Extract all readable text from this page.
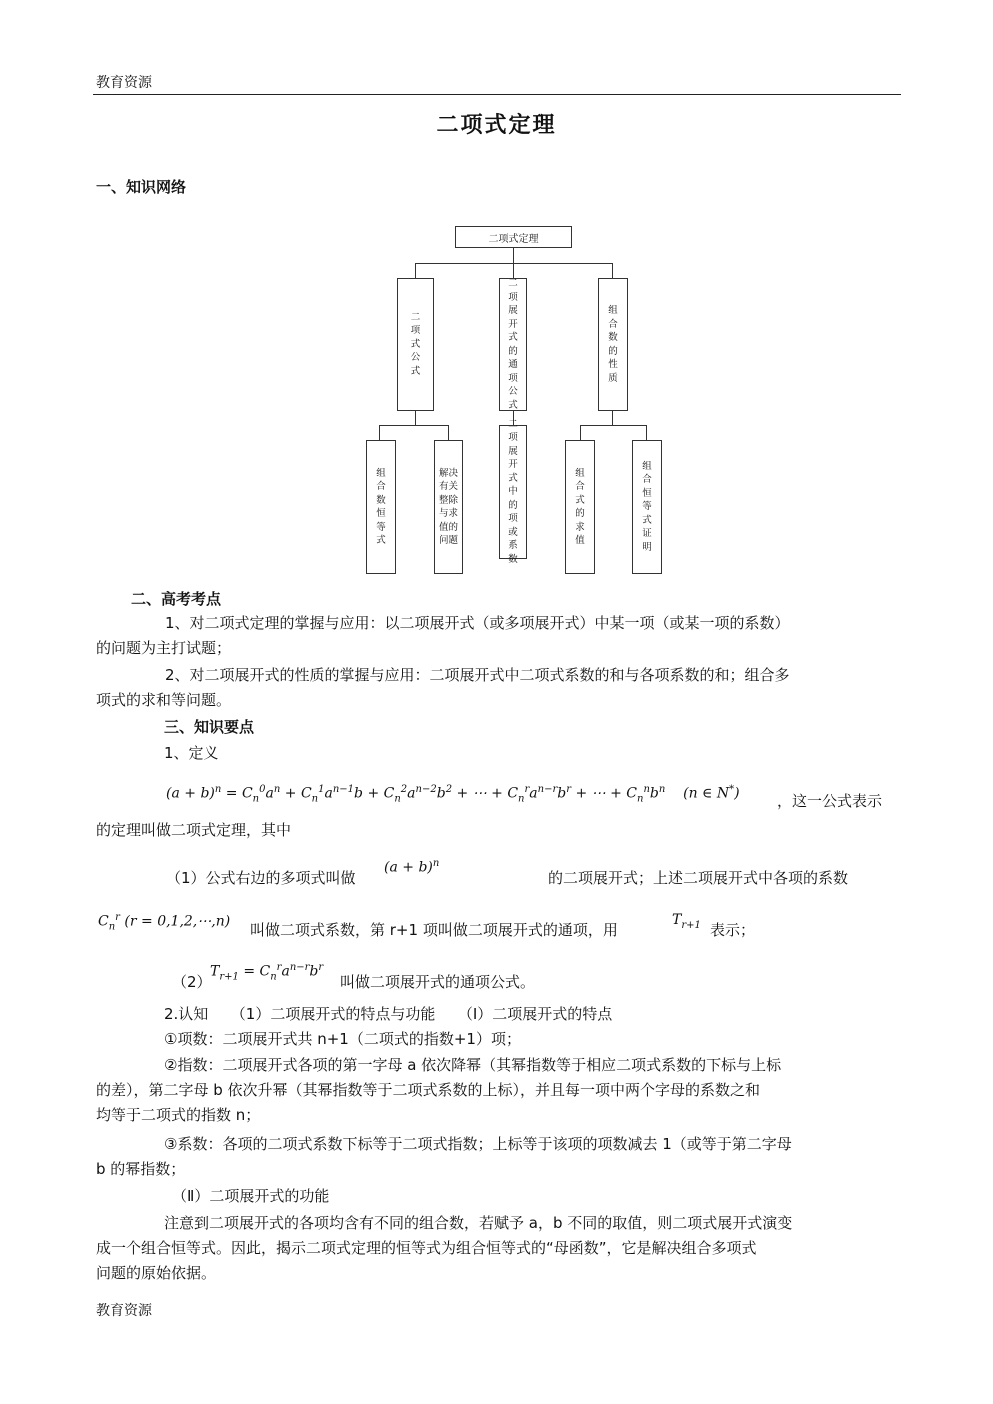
教育资源
二项式定理
一、知识网络
二项式定理
二项式公式
二项展开式的通项公式
组合数的性质
组合数恒等式
解决有关整除与求值的问题
二项展开式中的项或系数
组合式的求值
组合恒等式证明
二、高考考点
1、对二项式定理的掌握与应用：以二项展开式（或多项展开式）中某一项（或某一项的系数）
的问题为主打试题；
2、对二项展开式的性质的掌握与应用：二项展开式中二项式系数的和与各项系数的和；组合多
项式的求和等问题。
三、知识要点
1、定义
$(a + b)^n = C_n^0a^n + C_n^1a^{n-1}b + C_n^2a^{n-2}b^2$ + ⋯ + $C_n^ra^{n-r}b^r$ + ⋯ + $C_n^nb^n$    (n ∈ N*) ，这一公式表示
的定理叫做二项式定理，其中
（1）公式右边的多项式叫做
$(a + b)^n$
的二项展开式；上述二项展开式中各项的系数
$C_n^r$ (r = 0,1,2,⋯,n) 叫做二项式系数，第 r+1 项叫做二项展开式的通项，用
$T_{r+1}$ 表示；
（2）
$T_{r+1} = C_n^ra^{n-r}b^r$
叫做二项展开式的通项公式。
2.认知　　（1）二项展开式的特点与功能　　（Ⅰ）二项展开式的特点
①项数：二项展开式共 n+1（二项式的指数+1）项；
②指数：二项展开式各项的第一字母 a 依次降幂（其幂指数等于相应二项式系数的下标与上标
的差），第二字母 b 依次升幂（其幂指数等于二项式系数的上标），并且每一项中两个字母的系数之和
均等于二项式的指数 n；
③系数：各项的二项式系数下标等于二项式指数；上标等于该项的项数减去 1（或等于第二字母
b 的幂指数；
（Ⅱ）二项展开式的功能
注意到二项展开式的各项均含有不同的组合数，若赋予 a，b 不同的取值，则二项式展开式演变
成一个组合恒等式。因此，揭示二项式定理的恒等式为组合恒等式的“母函数”，它是解决组合多项式
问题的原始依据。
教育资源
